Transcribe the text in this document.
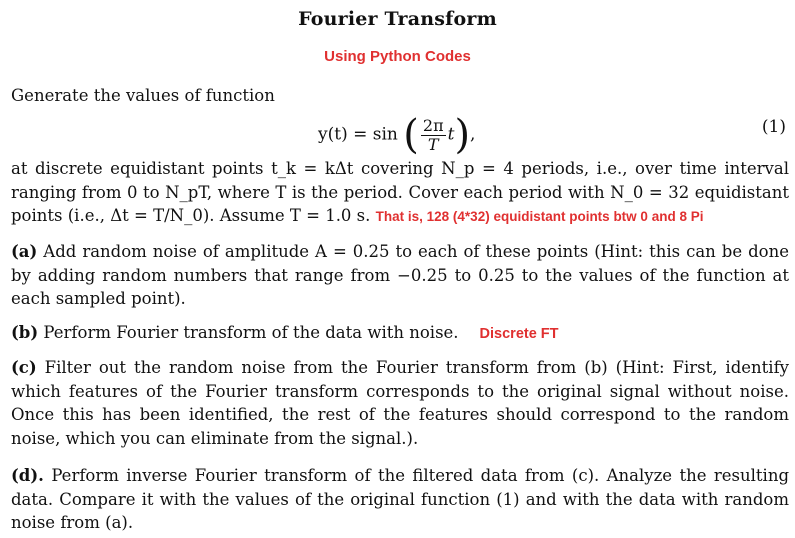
Fourier Transform
Using Python Codes
Generate the values of function
y(t) = sin ( $\frac{2\pi}{T} t$),	(1)
at discrete equidistant points t_k = kΔt covering N_p = 4 periods, i.e., over time interval ranging from 0 to N_pT, where T is the period. Cover each period with N_0 = 32 equidistant points (i.e., Δt = T/N_0). Assume T = 1.0 s. That is, 128 (4*32) equidistant points btw 0 and 8 Pi
(a) Add random noise of amplitude A = 0.25 to each of these points (Hint: this can be done by adding random numbers that range from −0.25 to 0.25 to the values of the function at each sampled point).
(b) Perform Fourier transform of the data with noise. Discrete FT
(c) Filter out the random noise from the Fourier transform from (b) (Hint: First, identify which features of the Fourier transform corresponds to the original signal without noise. Once this has been identified, the rest of the features should correspond to the random noise, which you can eliminate from the signal.).
(d). Perform inverse Fourier transform of the filtered data from (c). Analyze the resulting data. Compare it with the values of the original function (1) and with the data with random noise from (a).
